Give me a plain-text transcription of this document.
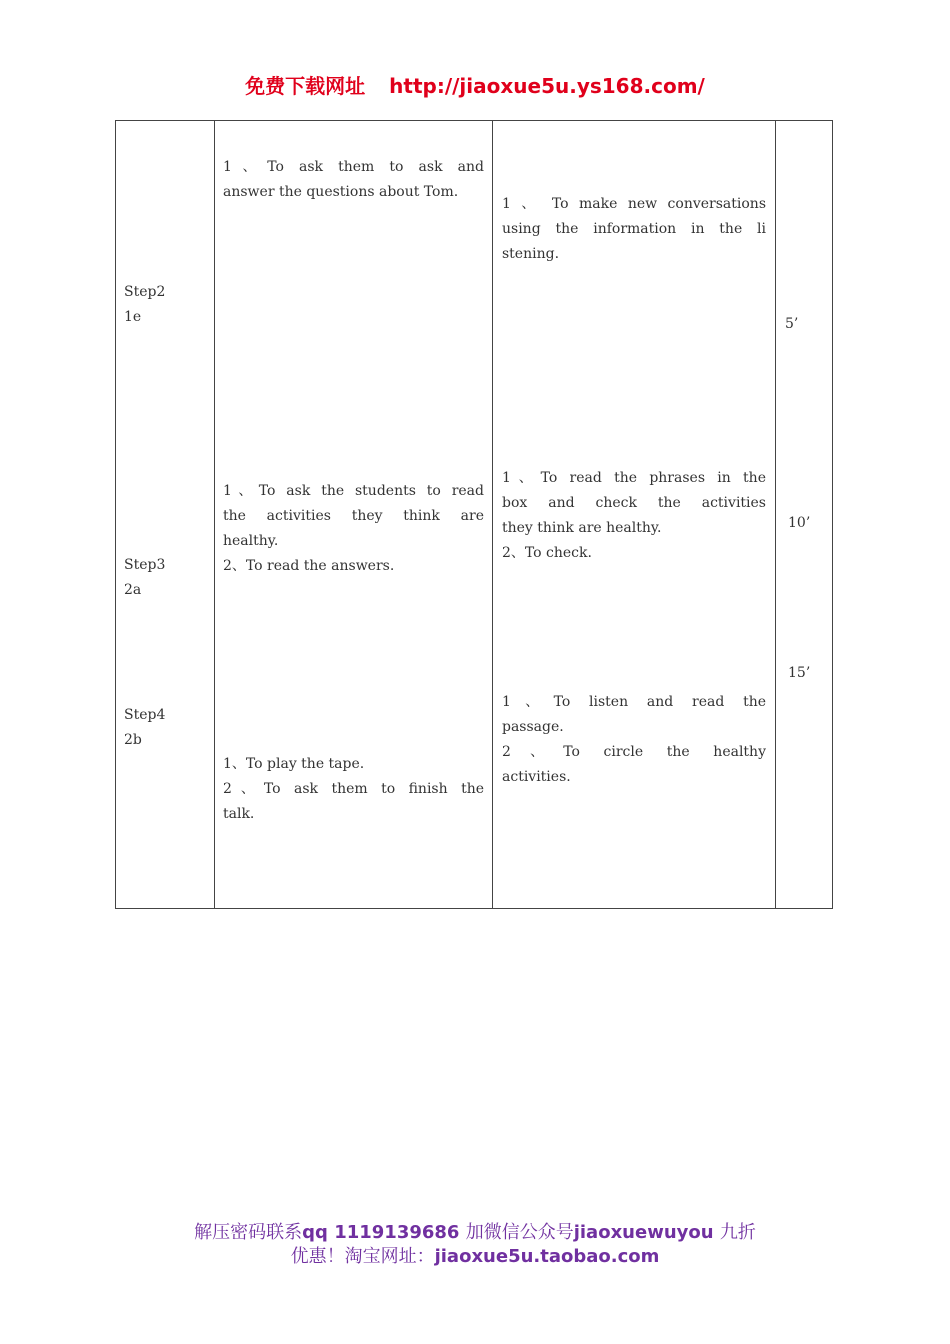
免费下载网址 http://jiaoxue5u.ys168.com/
Step2
1e
1、To ask them to ask and
answer the questions about Tom.
1 、 To make new conversations
using the information in the li
stening.
5’
Step3
2a
1、To ask the students to read
the activities they think are
healthy.
2、To read the answers.
1、To read the phrases in the
box and check the activities
they think are healthy.
2、To check.
10’
Step4
2b
1、To play the tape.
2、To ask them to finish the
talk.
1、To listen and read the
passage.
2、To circle the healthy
activities.
15’
解压密码联系qq 1119139686 加微信公众号jiaoxuewuyou 九折
优惠！淘宝网址：jiaoxue5u.taobao.com
